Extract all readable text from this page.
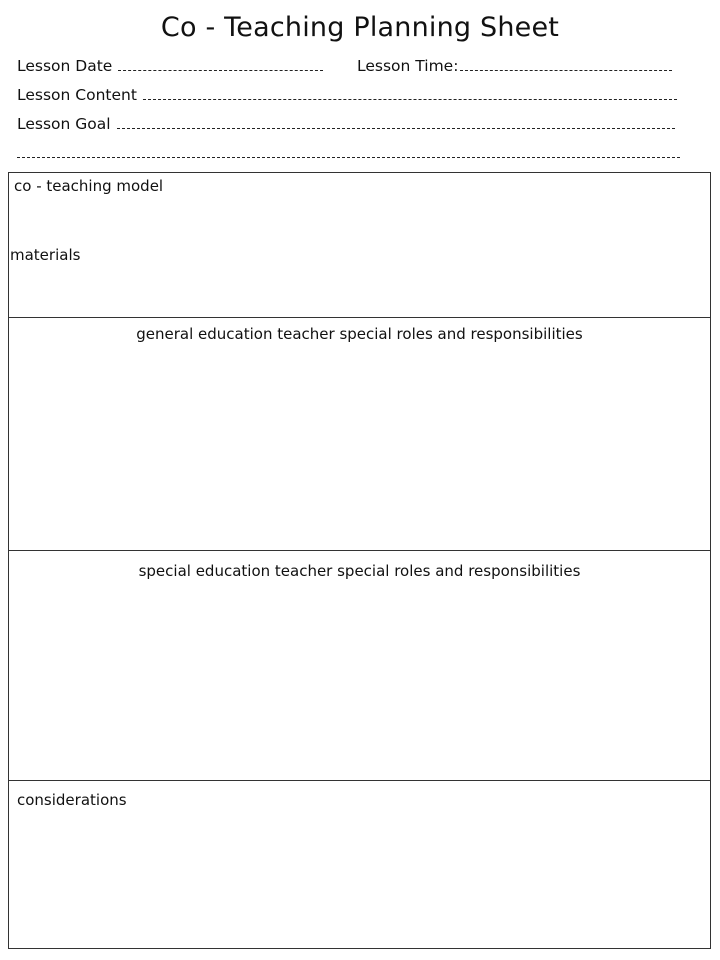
Co - Teaching Planning Sheet
Lesson Date	Lesson Time:
Lesson Content
Lesson Goal
co - teaching model
materials
general education teacher special roles and responsibilities
special education teacher special roles and responsibilities
considerations
